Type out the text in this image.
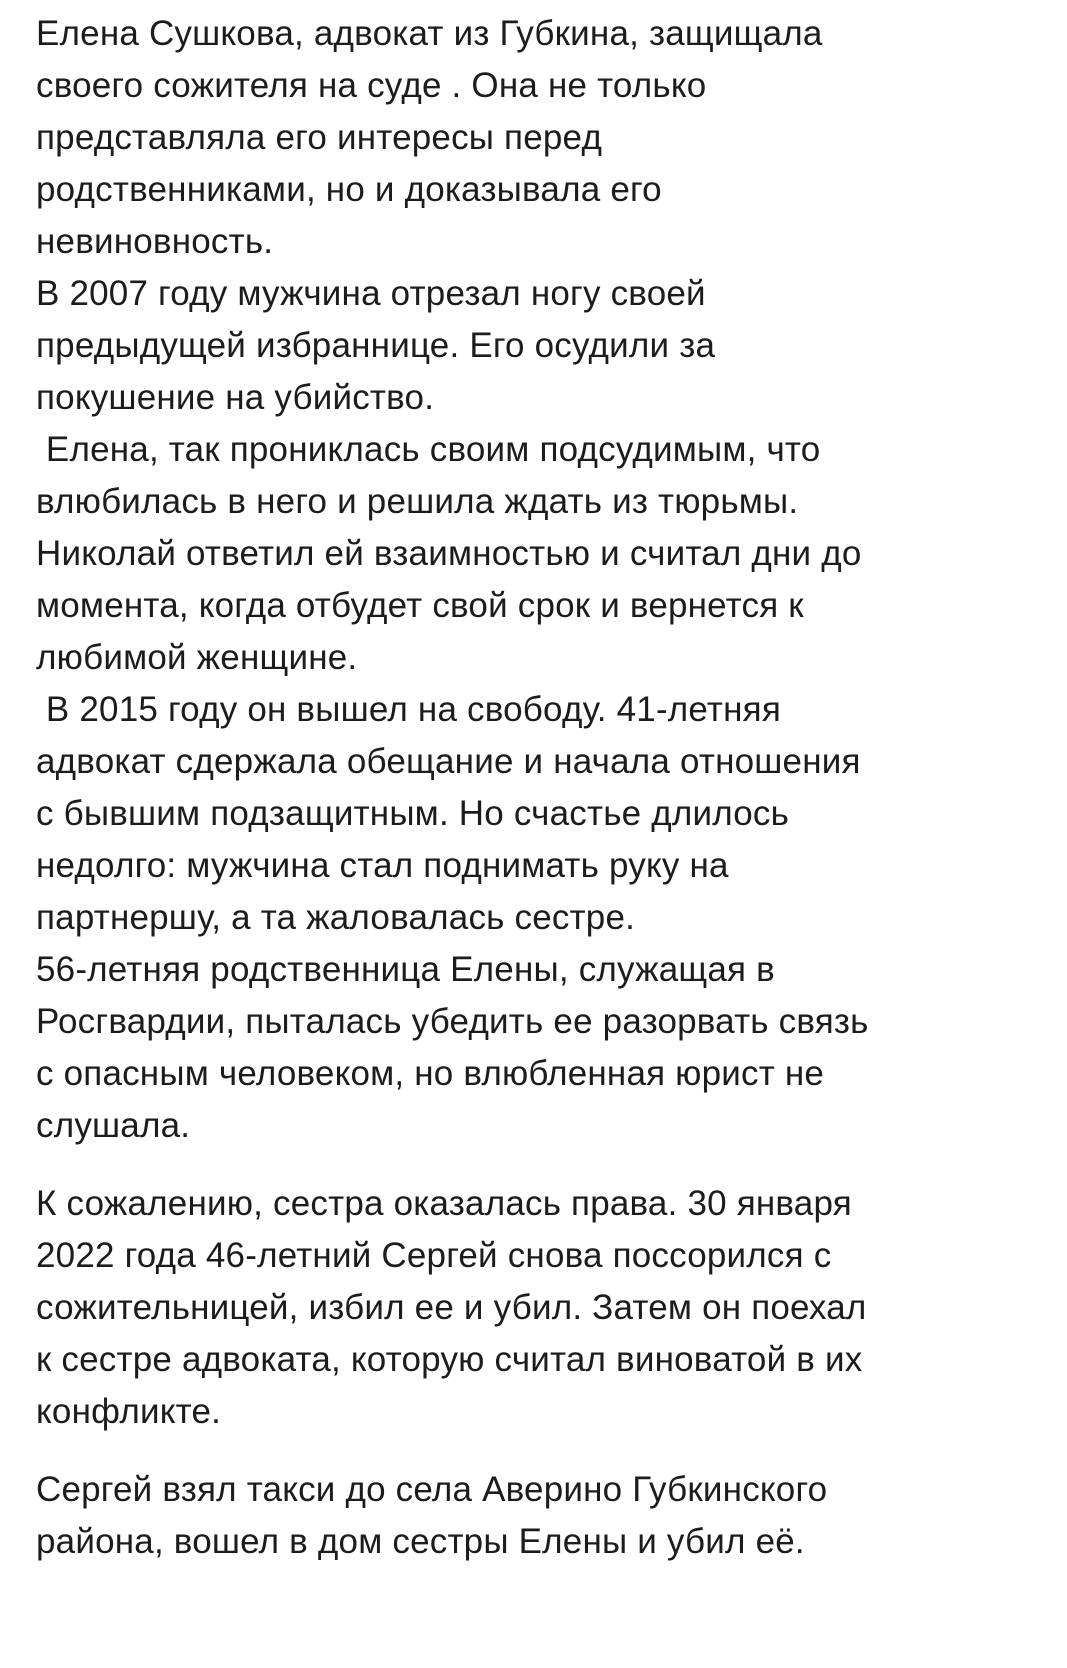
Елена Сушкова, адвокат из Губкина, защищала
своего сожителя на суде . Она не только
представляла его интересы перед
родственниками, но и доказывала его
невиновность.
В 2007 году мужчина отрезал ногу своей
предыдущей избраннице. Его осудили за
покушение на убийство.
Елена, так прониклась своим подсудимым, что
влюбилась в него и решила ждать из тюрьмы.
Николай ответил ей взаимностью и считал дни до
момента, когда отбудет свой срок и вернется к
любимой женщине.
В 2015 году он вышел на свободу. 41-летняя
адвокат сдержала обещание и начала отношения
с бывшим подзащитным. Но счастье длилось
недолго: мужчина стал поднимать руку на
партнершу, а та жаловалась сестре.
56-летняя родственница Елены, служащая в
Росгвардии, пыталась убедить ее разорвать связь
с опасным человеком, но влюбленная юрист не
слушала.
К сожалению, сестра оказалась права. 30 января
2022 года 46-летний Сергей снова поссорился с
сожительницей, избил ее и убил. Затем он поехал
к сестре адвоката, которую считал виноватой в их
конфликте.
Сергей взял такси до села Аверино Губкинского
района, вошел в дом сестры Елены и убил её.
